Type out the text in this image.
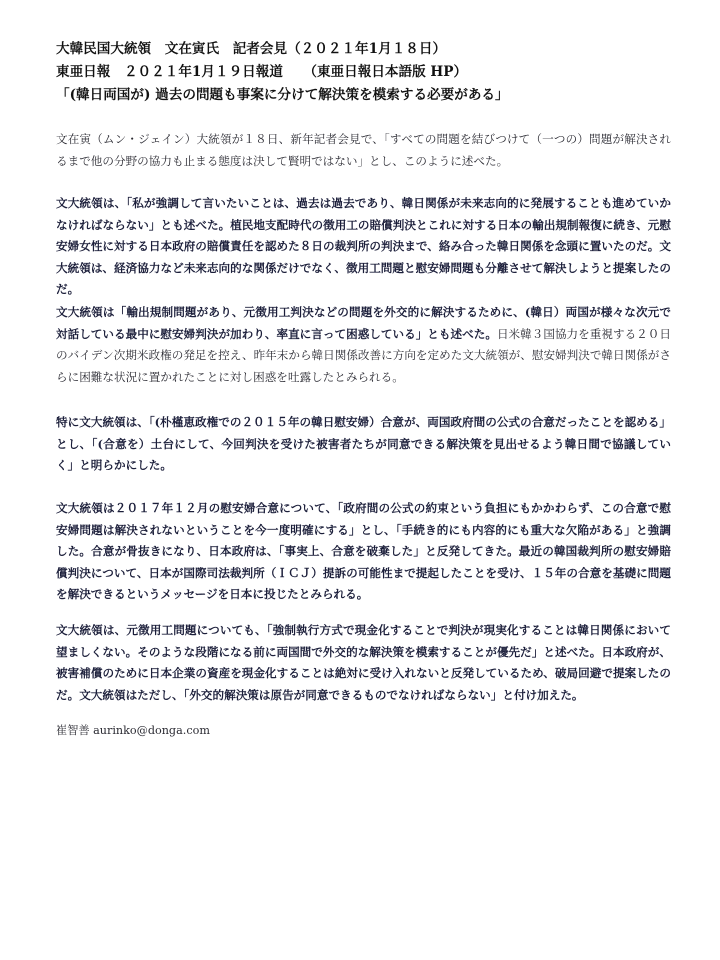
大韓民国大統領　文在寅氏　記者会見（２０２１年1月１８日）

東亜日報　２０２１年1月１９日報道　　（東亜日報日本語版 HP）

「(韓日両国が) 過去の問題も事案に分けて解決策を模索する必要がある」

文在寅（ムン・ジェイン）大統領が１８日、新年記者会見で、「すべての問題を結びつけて（一つの）問題が解決されるまで他の分野の協力も止まる態度は決して賢明ではない」とし、このように述べた。

文大統領は、「私が強調して言いたいことは、過去は過去であり、韓日関係が未来志向的に発展することも進めていかなければならない」とも述べた。植民地支配時代の徴用工の賠償判決とこれに対する日本の輸出規制報復に続き、元慰安婦女性に対する日本政府の賠償責任を認めた８日の裁判所の判決まで、絡み合った韓日関係を念頭に置いたのだ。文大統領は、経済協力など未来志向的な関係だけでなく、徴用工問題と慰安婦問題も分離させて解決しようと提案したのだ。

文大統領は「輸出規制問題があり、元徴用工判決などの問題を外交的に解決するために、(韓日）両国が様々な次元で対話している最中に慰安婦判決が加わり、率直に言って困惑している」とも述べた。日米韓３国協力を重視する２０日のバイデン次期米政権の発足を控え、昨年末から韓日関係改善に方向を定めた文大統領が、慰安婦判決で韓日関係がさらに困難な状況に置かれたことに対し困惑を吐露したとみられる。

特に文大統領は、「(朴槿恵政権での２０１５年の韓日慰安婦）合意が、両国政府間の公式の合意だったことを認める」とし、「(合意を）土台にして、今回判決を受けた被害者たちが同意できる解決策を見出せるよう韓日間で協議していく」と明らかにした。

文大統領は２０１７年１２月の慰安婦合意について、「政府間の公式の約束という負担にもかかわらず、この合意で慰安婦問題は解決されないということを今一度明確にする」とし、「手続き的にも内容的にも重大な欠陥がある」と強調した。合意が骨抜きになり、日本政府は、「事実上、合意を破棄した」と反発してきた。最近の韓国裁判所の慰安婦賠償判決について、日本が国際司法裁判所（ＩＣＪ）提訴の可能性まで提起したことを受け、１５年の合意を基礎に問題を解決できるというメッセージを日本に投じたとみられる。

文大統領は、元徴用工問題についても、「強制執行方式で現金化することで判決が現実化することは韓日関係において望ましくない。そのような段階になる前に両国間で外交的な解決策を模索することが優先だ」と述べた。日本政府が、被害補償のために日本企業の資産を現金化することは絶対に受け入れないと反発しているため、破局回避で提案したのだ。文大統領はただし、「外交的解決策は原告が同意できるものでなければならない」と付け加えた。

崔智善 aurinko@donga.com
